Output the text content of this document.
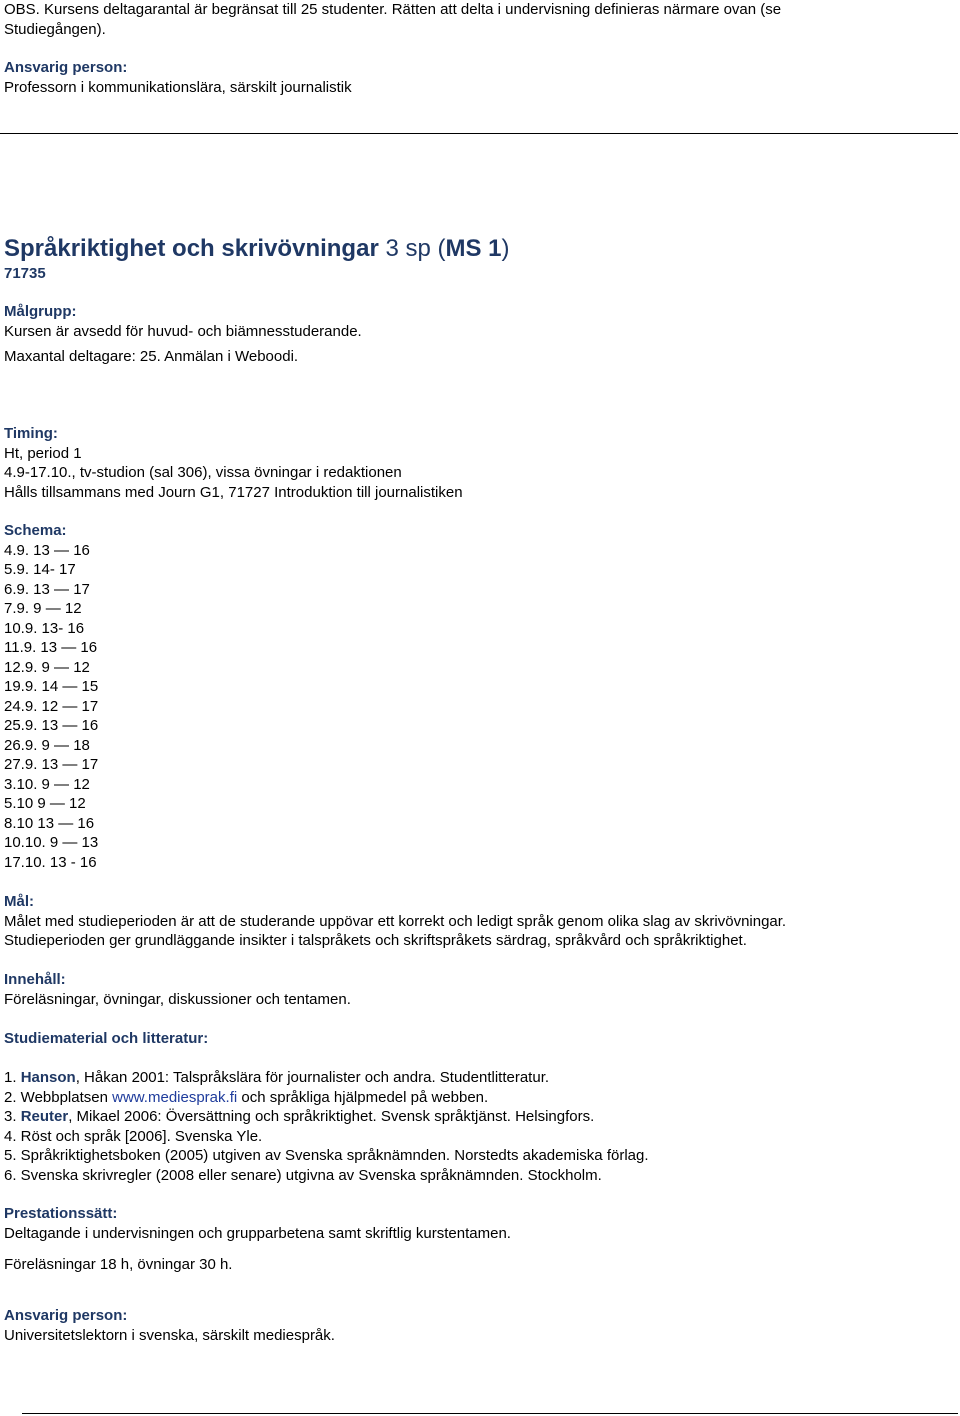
OBS. Kursens deltagarantal är begränsat till 25 studenter. Rätten att delta i undervisning definieras närmare ovan (se
Studiegången).
Ansvarig person:
Professorn i kommunikationslära, särskilt journalistik
Språkriktighet och skrivövningar 3 sp (MS 1)
71735
Målgrupp:
Kursen är avsedd för huvud- och biämnesstuderande.
Maxantal deltagare: 25. Anmälan i Weboodi.
Timing:
Ht, period 1
4.9-17.10., tv-studion (sal 306), vissa övningar i redaktionen
Hålls tillsammans med Journ G1, 71727 Introduktion till journalistiken
Schema:
4.9. 13 — 16
5.9. 14- 17
6.9. 13 — 17
7.9. 9 — 12
10.9. 13- 16
11.9. 13 — 16
12.9. 9 — 12
19.9. 14 — 15
24.9. 12 — 17
25.9. 13 — 16
26.9. 9 — 18
27.9. 13 — 17
3.10. 9 — 12
5.10 9 — 12
8.10 13 — 16
10.10. 9 — 13
17.10. 13 - 16
Mål:
Målet med studieperioden är att de studerande uppövar ett korrekt och ledigt språk genom olika slag av skrivövningar.
Studieperioden ger grundläggande insikter i talspråkets och skriftspråkets särdrag, språkvård och språkriktighet.
Innehåll:
Föreläsningar, övningar, diskussioner och tentamen.
Studiematerial och litteratur:
1. Hanson, Håkan 2001: Talspråkslära för journalister och andra. Studentlitteratur.
2. Webbplatsen www.mediesprak.fi och språkliga hjälpmedel på webben.
3. Reuter, Mikael 2006: Översättning och språkriktighet. Svensk språktjänst. Helsingfors.
4. Röst och språk [2006]. Svenska Yle.
5. Språkriktighetsboken (2005) utgiven av Svenska språknämnden. Norstedts akademiska förlag.
6. Svenska skrivregler (2008 eller senare) utgivna av Svenska språknämnden. Stockholm.
Prestationssätt:
Deltagande i undervisningen och grupparbetena samt skriftlig kurstentamen.
Föreläsningar 18 h, övningar 30 h.
Ansvarig person:
Universitetslektorn i svenska, särskilt mediespråk.
